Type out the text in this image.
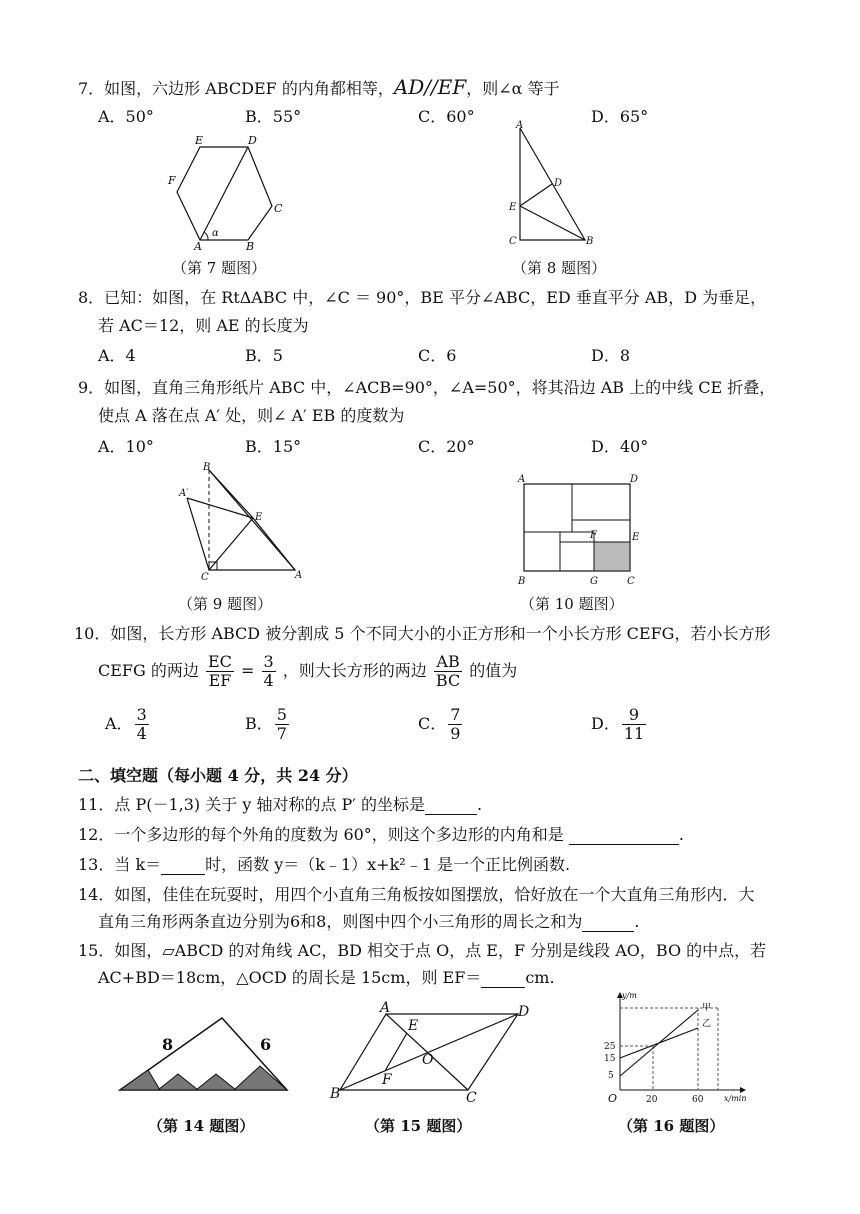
7．如图，六边形 ABCDEF 的内角都相等，AD//EF，则∠α 等于
A．50°	B．55°	C．60°	D．65°
E	D
F
C
A	B
α
（第 7 题图）
A
D
E
C	B
（第 8 题图）
8．已知：如图，在 RtΔABC 中，∠C ＝ 90°，BE 平分∠ABC，ED 垂直平分 AB，D 为垂足，
若 AC＝12，则 AE 的长度为
A．4	B．5	C．6	D．8
9．如图，直角三角形纸片 ABC 中，∠ACB=90°，∠A=50°，将其沿边 AB 上的中线 CE 折叠，
使点 A 落在点 A′ 处，则∠ A′ EB 的度数为
A．10°	B．15°	C．20°	D．40°
B
A′
E
C	A
（第 9 题图）
A	D
F	E
B	G	C
（第 10 题图）
10．如图，长方形 ABCD 被分割成 5 个不同大小的小正方形和一个小长方形 CEFG，若小长方形
CEFG 的两边 $\frac{EC}{EF} = \frac{3}{4}$ ，则大长方形的两边 $\frac{AB}{BC}$ 的值为
A． $\frac{3}{4}$	B． $\frac{5}{7}$	C． $\frac{7}{9}$	D． $\frac{9}{11}$
二、填空题（每小题 4 分，共 24 分）
11．点 P(－1,3) 关于 y 轴对称的点 P′ 的坐标是	.
12．一个多边形的每个外角的度数为 60°，则这个多边形的内角和是	.
13．当 k＝	时，函数 y＝（k﹣1）x+k²﹣1 是一个正比例函数.
14．如图，佳佳在玩耍时，用四个小直角三角板按如图摆放，恰好放在一个大直角三角形内．大
直角三角形两条直边分别为6和8，则图中四个小三角形的周长之和为	.
15．如图，▱ABCD 的对角线 AC，BD 相交于点 O，点 E，F 分别是线段 AO，BO 的中点，若
AC+BD＝18cm，△OCD 的周长是 15cm，则 EF＝	cm.
8	6
（第 14 题图）
A
E
D
O
F
B	C
（第 15 题图）
y/m
x/min
O
25
15
5
20	60
甲
乙
（第 16 题图）
